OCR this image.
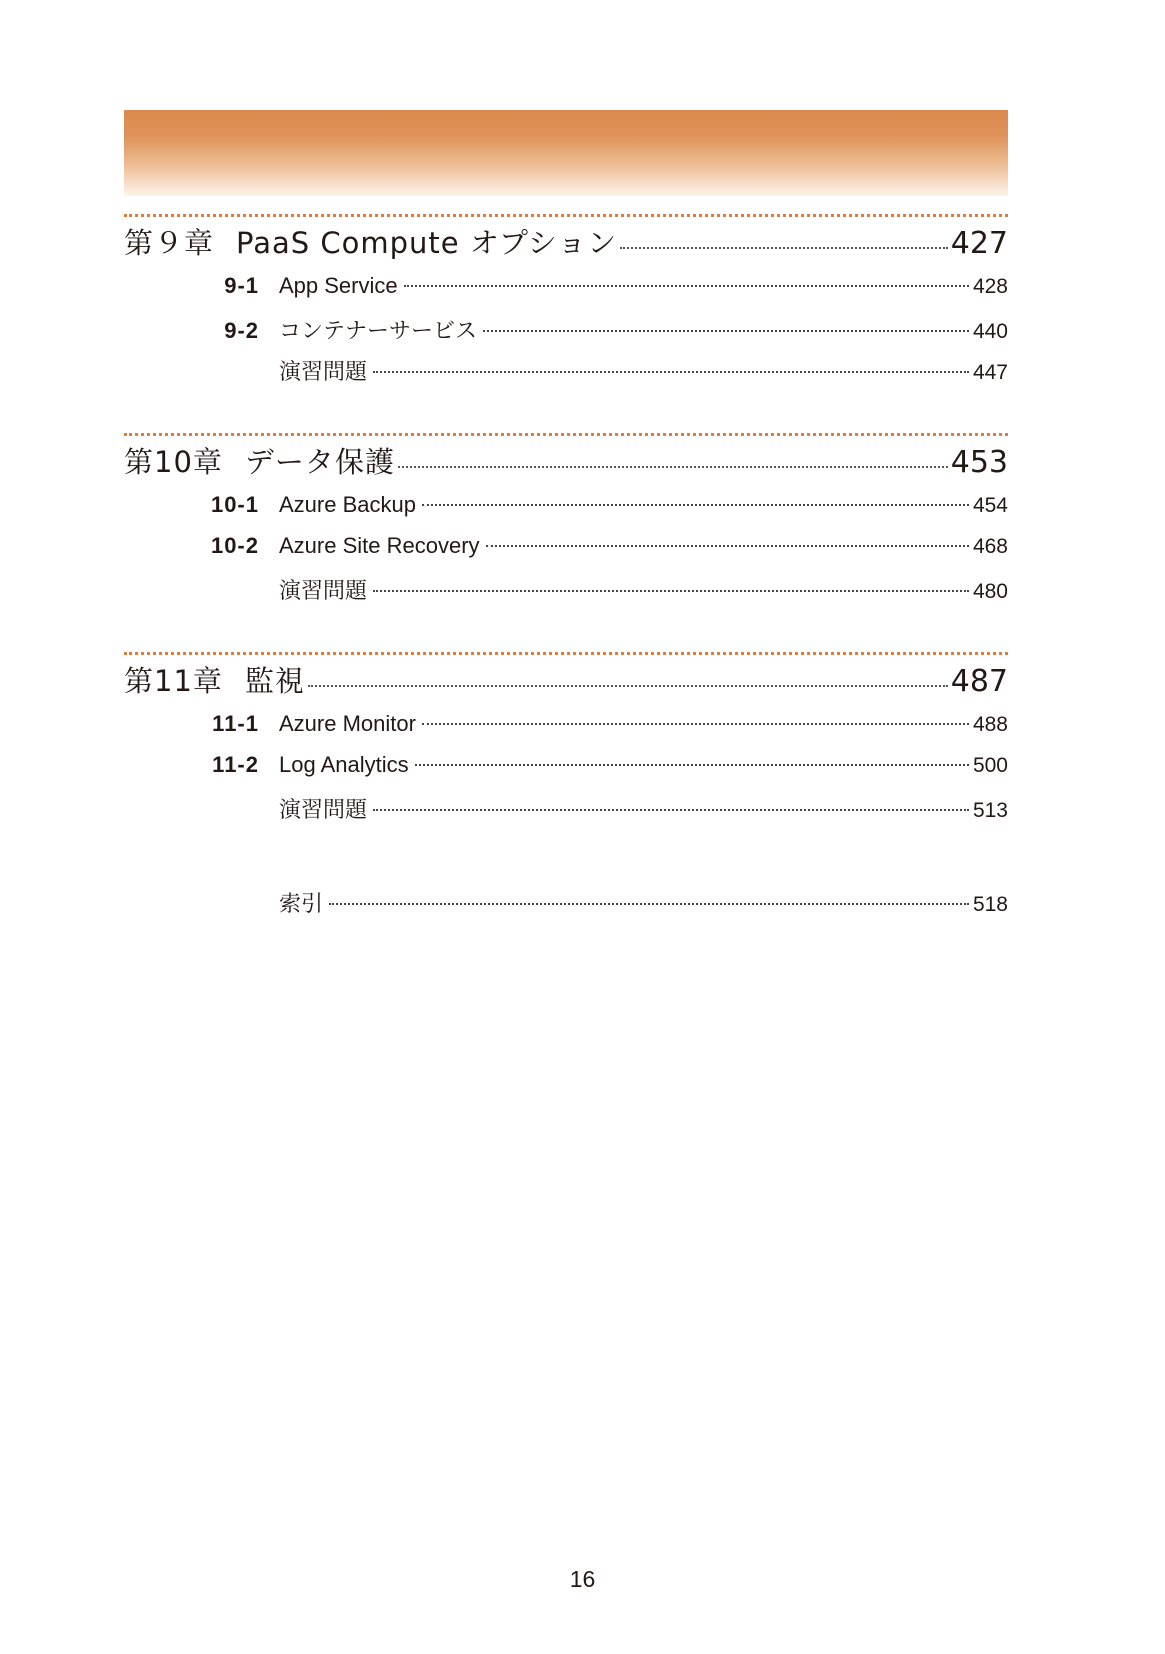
第９章 PaaS Compute オプション	427
9-1 App Service	428
9-2 コンテナーサービス	440
演習問題	447
第10章 データ保護	453
10-1 Azure Backup	454
10-2 Azure Site Recovery	468
演習問題	480
第11章 監視	487
11-1 Azure Monitor	488
11-2 Log Analytics	500
演習問題	513
索引	518
16
